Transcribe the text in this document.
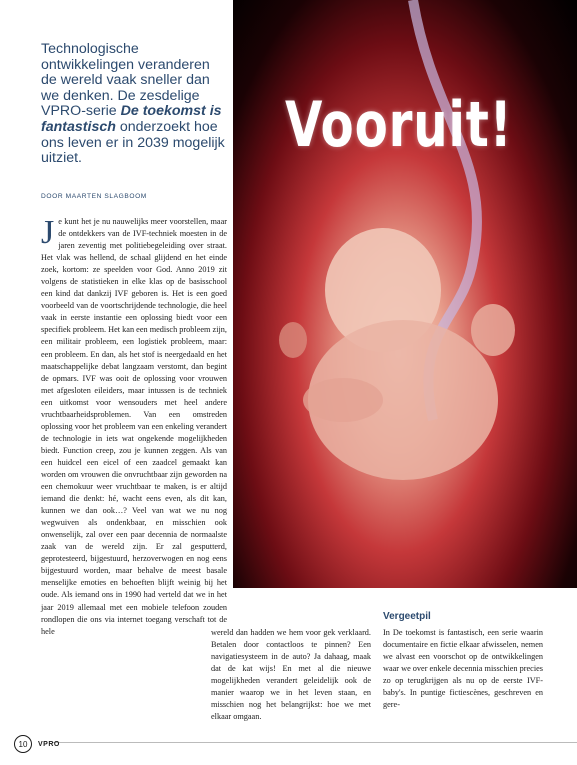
Vooruit!
Technologische ontwikkelingen veranderen de wereld vaak sneller dan we denken. De zesdelige VPRO-serie De toekomst is fantastisch onderzoekt hoe ons leven er in 2039 mogelijk uitziet.
DOOR MAARTEN SLAGBOOM
Je kunt het je nu nauwelijks meer voorstellen, maar de ontdekkers van de IVF-techniek moesten in de jaren zeventig met politiebegeleiding over straat. Het vlak was hellend, de schaal glijdend en het einde zoek, kortom: ze speelden voor God. Anno 2019 zit volgens de statistieken in elke klas op de basisschool een kind dat dankzij IVF geboren is. Het is een goed voorbeeld van de voortschrijdende technologie, die heel vaak in eerste instantie een oplossing biedt voor een specifiek probleem. Het kan een medisch probleem zijn, een militair probleem, een logistiek probleem, maar: een probleem. En dan, als het stof is neergedaald en het maatschappelijke debat langzaam verstomt, dan begint de opmars. IVF was ooit de oplossing voor vrouwen met afgesloten eileiders, maar intussen is de techniek een uitkomst voor wensouders met heel andere vruchtbaarheidsproblemen. Van een omstreden oplossing voor het probleem van een enkeling verandert de technologie in iets wat ongekende mogelijkheden biedt. Function creep, zou je kunnen zeggen. Als van een huidcel een eicel of een zaadcel gemaakt kan worden om vrouwen die onvruchtbaar zijn geworden na een chemokuur weer vruchtbaar te maken, is er altijd iemand die denkt: hé, wacht eens even, als dit kan, kunnen we dan ook…? Veel van wat we nu nog wegwuiven als ondenkbaar, en misschien ook onwenselijk, zal over een paar decennia de normaalste zaak van de wereld zijn. Er zal gesputterd, geprotesteerd, bijgestuurd, herzoverwogen en nog eens bijgestuurd worden, maar behalve de meest basale menselijke emoties en behoeften blijft weinig bij het oude. Als iemand ons in 1990 had verteld dat we in het jaar 2019 allemaal met een mobiele telefoon zouden rondlopen die ons via internet toegang verschaft tot de hele	wereld dan hadden we hem voor gek verklaard. Betalen door contactloos te pinnen? Een navigatiesysteem in de auto? Ja dahaag, maak dat de kat wijs! En met al die nieuwe mogelijkheden verandert geleidelijk ook de manier waarop we in het leven staan, en misschien nog het belangrijkst: hoe we met elkaar omgaan.
Vergeetpil
In De toekomst is fantastisch, een serie waarin documentaire en fictie elkaar afwisselen, nemen we alvast een voorschot op de ontwikkelingen waar we over enkele decennia misschien precies zo op terugkrijgen als nu op de eerste IVF-baby's. In puntige fictiescènes, geschreven en gere-
10	VPRO
